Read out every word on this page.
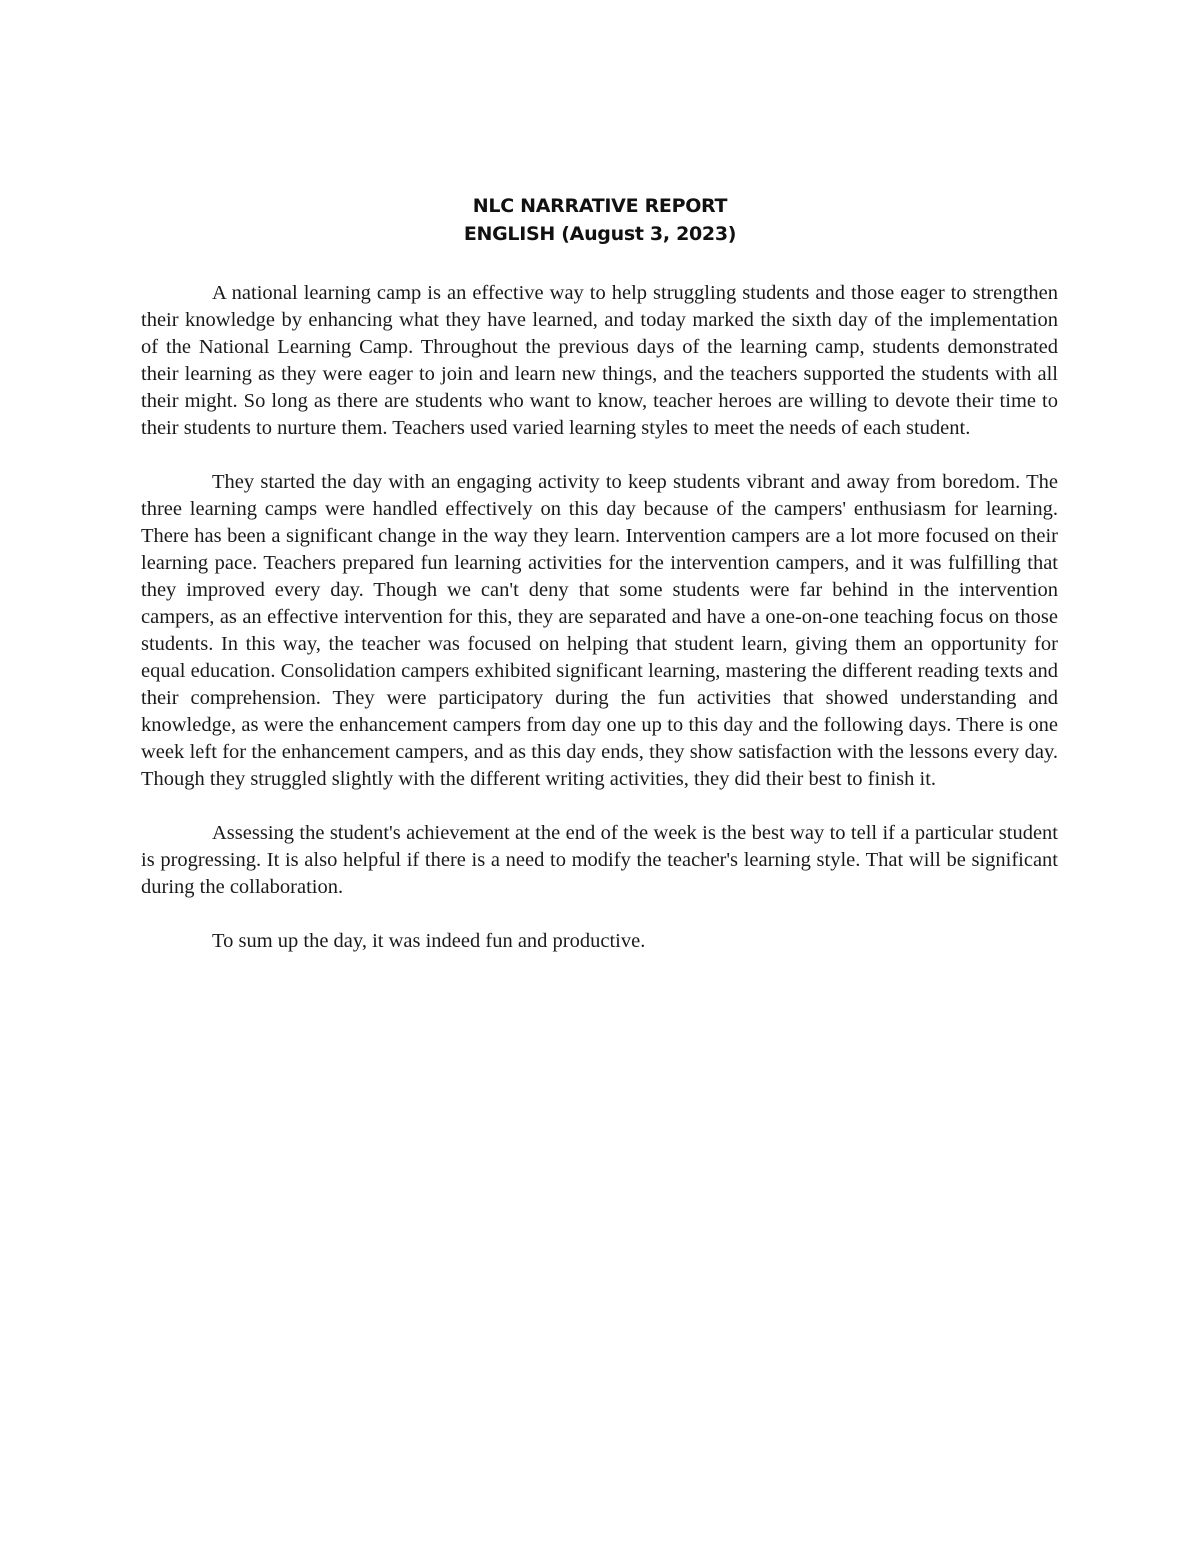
NLC NARRATIVE REPORT
ENGLISH (August 3, 2023)

A national learning camp is an effective way to help struggling students and those eager to strengthen their knowledge by enhancing what they have learned, and today marked the sixth day of the implementation of the National Learning Camp. Throughout the previous days of the learning camp, students demonstrated their learning as they were eager to join and learn new things, and the teachers supported the students with all their might. So long as there are students who want to know, teacher heroes are willing to devote their time to their students to nurture them. Teachers used varied learning styles to meet the needs of each student.

They started the day with an engaging activity to keep students vibrant and away from boredom. The three learning camps were handled effectively on this day because of the campers' enthusiasm for learning. There has been a significant change in the way they learn. Intervention campers are a lot more focused on their learning pace. Teachers prepared fun learning activities for the intervention campers, and it was fulfilling that they improved every day. Though we can't deny that some students were far behind in the intervention campers, as an effective intervention for this, they are separated and have a one-on-one teaching focus on those students. In this way, the teacher was focused on helping that student learn, giving them an opportunity for equal education. Consolidation campers exhibited significant learning, mastering the different reading texts and their comprehension. They were participatory during the fun activities that showed understanding and knowledge, as were the enhancement campers from day one up to this day and the following days. There is one week left for the enhancement campers, and as this day ends, they show satisfaction with the lessons every day. Though they struggled slightly with the different writing activities, they did their best to finish it.

Assessing the student's achievement at the end of the week is the best way to tell if a particular student is progressing. It is also helpful if there is a need to modify the teacher's learning style. That will be significant during the collaboration.

To sum up the day, it was indeed fun and productive.
